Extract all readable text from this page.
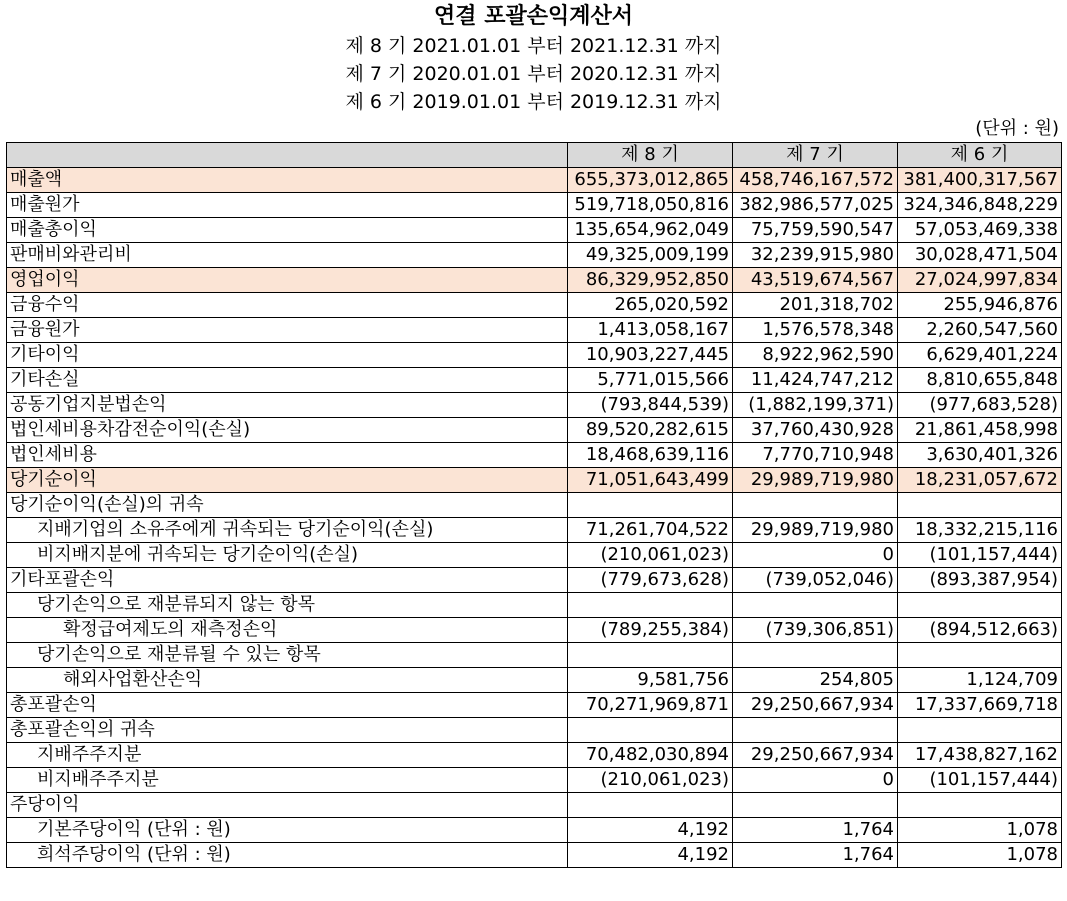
연결 포괄손익계산서
제 8 기 2021.01.01 부터 2021.12.31 까지
제 7 기 2020.01.01 부터 2020.12.31 까지
제 6 기 2019.01.01 부터 2019.12.31 까지
(단위 : 원)
	제 8 기	제 7 기	제 6 기
매출액	655,373,012,865	458,746,167,572	381,400,317,567
매출원가	519,718,050,816	382,986,577,025	324,346,848,229
매출총이익	135,654,962,049	75,759,590,547	57,053,469,338
판매비와관리비	49,325,009,199	32,239,915,980	30,028,471,504
영업이익	86,329,952,850	43,519,674,567	27,024,997,834
금융수익	265,020,592	201,318,702	255,946,876
금융원가	1,413,058,167	1,576,578,348	2,260,547,560
기타이익	10,903,227,445	8,922,962,590	6,629,401,224
기타손실	5,771,015,566	11,424,747,212	8,810,655,848
공동기업지분법손익	(793,844,539)	(1,882,199,371)	(977,683,528)
법인세비용차감전순이익(손실)	89,520,282,615	37,760,430,928	21,861,458,998
법인세비용	18,468,639,116	7,770,710,948	3,630,401,326
당기순이익	71,051,643,499	29,989,719,980	18,231,057,672
당기순이익(손실)의 귀속			
지배기업의 소유주에게 귀속되는 당기순이익(손실)	71,261,704,522	29,989,719,980	18,332,215,116
비지배지분에 귀속되는 당기순이익(손실)	(210,061,023)	0	(101,157,444)
기타포괄손익	(779,673,628)	(739,052,046)	(893,387,954)
당기손익으로 재분류되지 않는 항목			
확정급여제도의 재측정손익	(789,255,384)	(739,306,851)	(894,512,663)
당기손익으로 재분류될 수 있는 항목			
해외사업환산손익	9,581,756	254,805	1,124,709
총포괄손익	70,271,969,871	29,250,667,934	17,337,669,718
총포괄손익의 귀속			
지배주주지분	70,482,030,894	29,250,667,934	17,438,827,162
비지배주주지분	(210,061,023)	0	(101,157,444)
주당이익			
기본주당이익 (단위 : 원)	4,192	1,764	1,078
희석주당이익 (단위 : 원)	4,192	1,764	1,078
